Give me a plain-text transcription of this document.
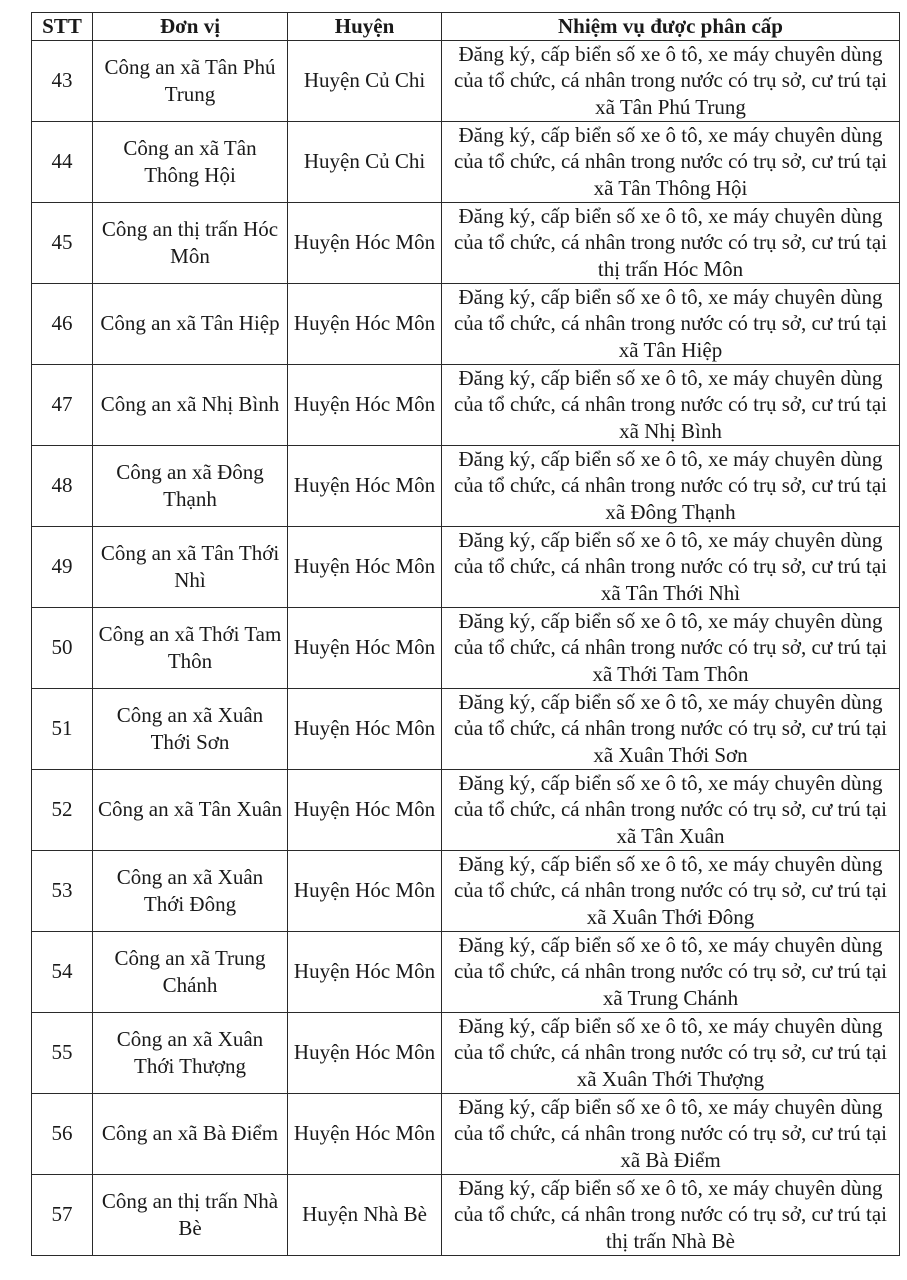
STT	Đơn vị	Huyện	Nhiệm vụ được phân cấp
43	Công an xã Tân Phú Trung	Huyện Củ Chi	Đăng ký, cấp biển số xe ô tô, xe máy chuyên dùng của tổ chức, cá nhân trong nước có trụ sở, cư trú tại xã Tân Phú Trung
44	Công an xã Tân Thông Hội	Huyện Củ Chi	Đăng ký, cấp biển số xe ô tô, xe máy chuyên dùng của tổ chức, cá nhân trong nước có trụ sở, cư trú tại xã Tân Thông Hội
45	Công an thị trấn Hóc Môn	Huyện Hóc Môn	Đăng ký, cấp biển số xe ô tô, xe máy chuyên dùng của tổ chức, cá nhân trong nước có trụ sở, cư trú tại thị trấn Hóc Môn
46	Công an xã Tân Hiệp	Huyện Hóc Môn	Đăng ký, cấp biển số xe ô tô, xe máy chuyên dùng của tổ chức, cá nhân trong nước có trụ sở, cư trú tại xã Tân Hiệp
47	Công an xã Nhị Bình	Huyện Hóc Môn	Đăng ký, cấp biển số xe ô tô, xe máy chuyên dùng của tổ chức, cá nhân trong nước có trụ sở, cư trú tại xã Nhị Bình
48	Công an xã Đông Thạnh	Huyện Hóc Môn	Đăng ký, cấp biển số xe ô tô, xe máy chuyên dùng của tổ chức, cá nhân trong nước có trụ sở, cư trú tại xã Đông Thạnh
49	Công an xã Tân Thới Nhì	Huyện Hóc Môn	Đăng ký, cấp biển số xe ô tô, xe máy chuyên dùng của tổ chức, cá nhân trong nước có trụ sở, cư trú tại xã Tân Thới Nhì
50	Công an xã Thới Tam Thôn	Huyện Hóc Môn	Đăng ký, cấp biển số xe ô tô, xe máy chuyên dùng của tổ chức, cá nhân trong nước có trụ sở, cư trú tại xã Thới Tam Thôn
51	Công an xã Xuân Thới Sơn	Huyện Hóc Môn	Đăng ký, cấp biển số xe ô tô, xe máy chuyên dùng của tổ chức, cá nhân trong nước có trụ sở, cư trú tại xã Xuân Thới Sơn
52	Công an xã Tân Xuân	Huyện Hóc Môn	Đăng ký, cấp biển số xe ô tô, xe máy chuyên dùng của tổ chức, cá nhân trong nước có trụ sở, cư trú tại xã Tân Xuân
53	Công an xã Xuân Thới Đông	Huyện Hóc Môn	Đăng ký, cấp biển số xe ô tô, xe máy chuyên dùng của tổ chức, cá nhân trong nước có trụ sở, cư trú tại xã Xuân Thới Đông
54	Công an xã Trung Chánh	Huyện Hóc Môn	Đăng ký, cấp biển số xe ô tô, xe máy chuyên dùng của tổ chức, cá nhân trong nước có trụ sở, cư trú tại xã Trung Chánh
55	Công an xã Xuân Thới Thượng	Huyện Hóc Môn	Đăng ký, cấp biển số xe ô tô, xe máy chuyên dùng của tổ chức, cá nhân trong nước có trụ sở, cư trú tại xã Xuân Thới Thượng
56	Công an xã Bà Điểm	Huyện Hóc Môn	Đăng ký, cấp biển số xe ô tô, xe máy chuyên dùng của tổ chức, cá nhân trong nước có trụ sở, cư trú tại xã Bà Điểm
57	Công an thị trấn Nhà Bè	Huyện Nhà Bè	Đăng ký, cấp biển số xe ô tô, xe máy chuyên dùng của tổ chức, cá nhân trong nước có trụ sở, cư trú tại thị trấn Nhà Bè
